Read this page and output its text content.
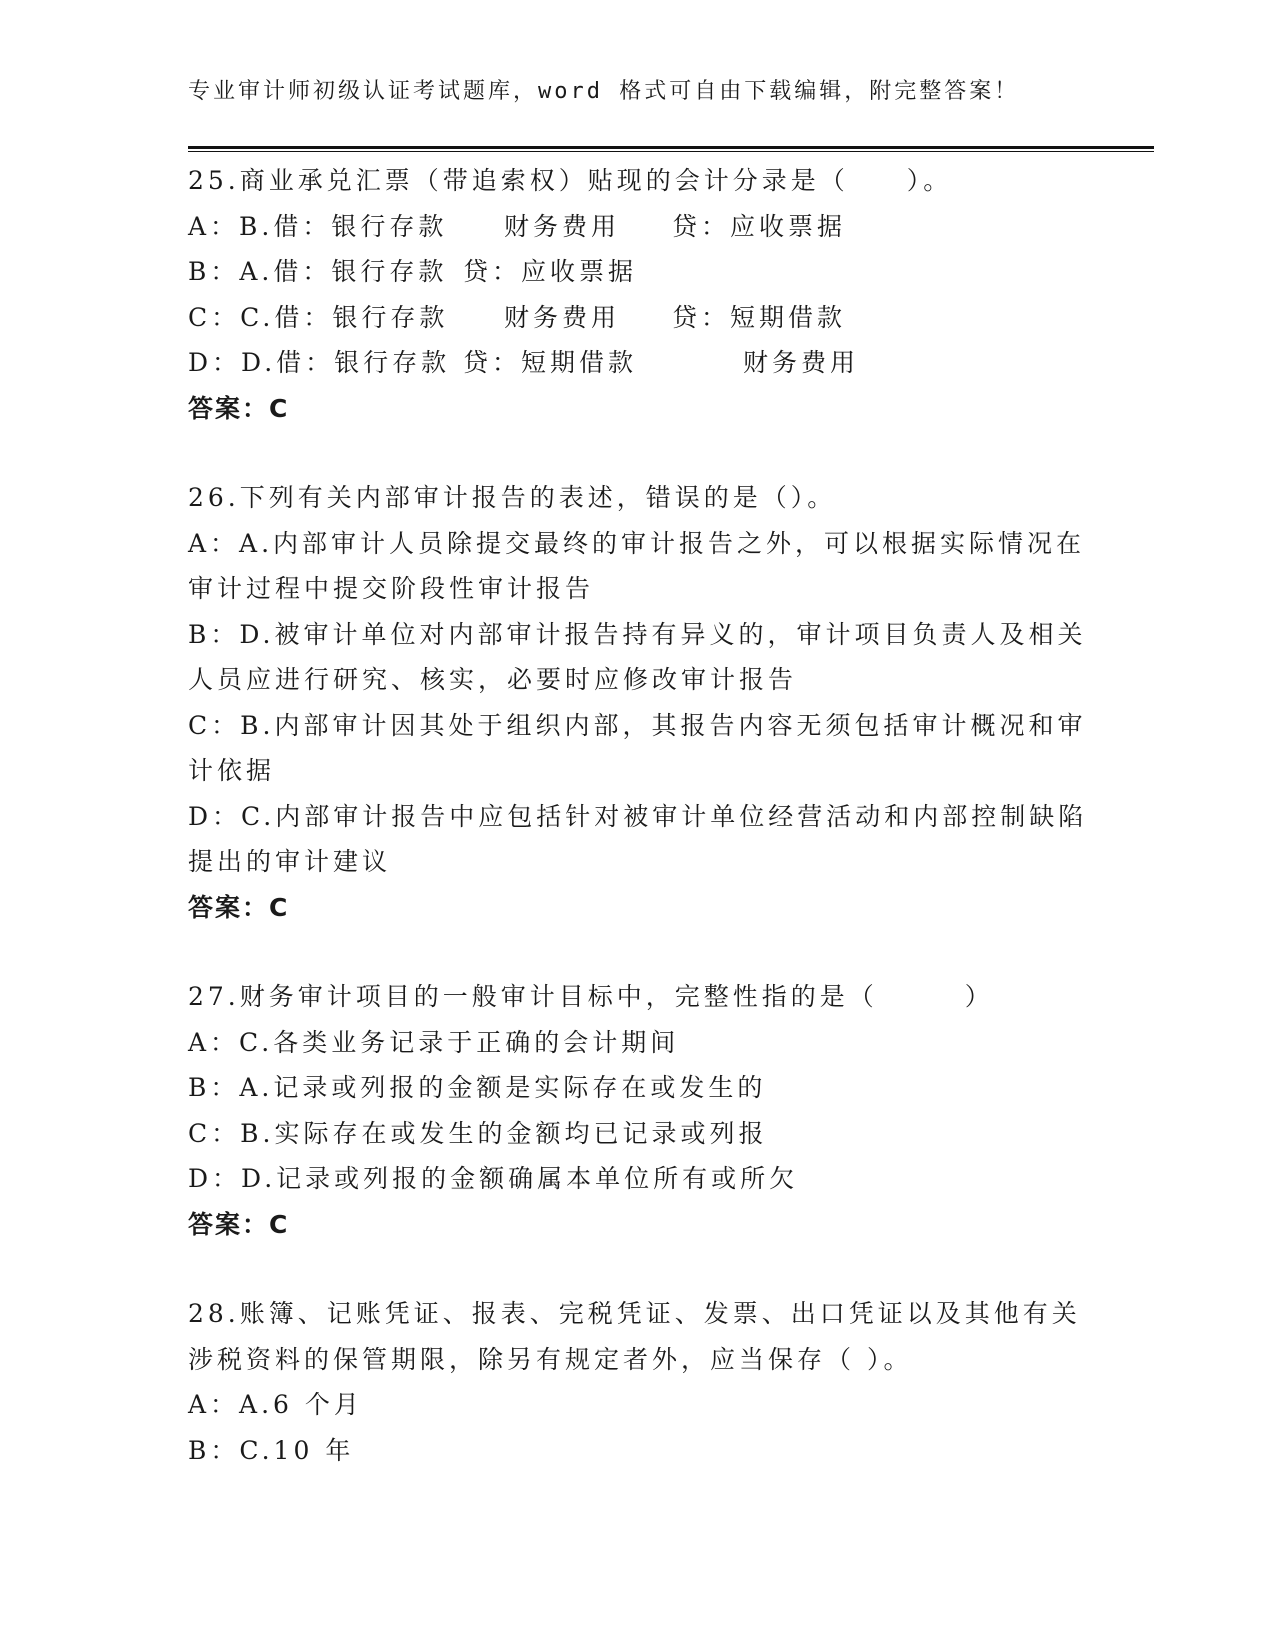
专业审计师初级认证考试题库，word 格式可自由下载编辑，附完整答案！
25.商业承兑汇票（带追索权）贴现的会计分录是（　　）。
A：B.借：银行存款 财务费用 贷：应收票据
B：A.借：银行存款 贷：应收票据
C：C.借：银行存款 财务费用 贷：短期借款
D：D.借：银行存款 贷：短期借款	财务费用
答案：C
26.下列有关内部审计报告的表述，错误的是（）。
A：A.内部审计人员除提交最终的审计报告之外，可以根据实际情况在
审计过程中提交阶段性审计报告
B：D.被审计单位对内部审计报告持有异义的，审计项目负责人及相关
人员应进行研究、核实，必要时应修改审计报告
C：B.内部审计因其处于组织内部，其报告内容无须包括审计概况和审
计依据
D：C.内部审计报告中应包括针对被审计单位经营活动和内部控制缺陷
提出的审计建议
答案：C
27.财务审计项目的一般审计目标中，完整性指的是（　　　）
A：C.各类业务记录于正确的会计期间
B：A.记录或列报的金额是实际存在或发生的
C：B.实际存在或发生的金额均已记录或列报
D：D.记录或列报的金额确属本单位所有或所欠
答案：C
28.账簿、记账凭证、报表、完税凭证、发票、出口凭证以及其他有关
涉税资料的保管期限，除另有规定者外，应当保存（ ）。
A：A.6 个月
B：C.10 年
